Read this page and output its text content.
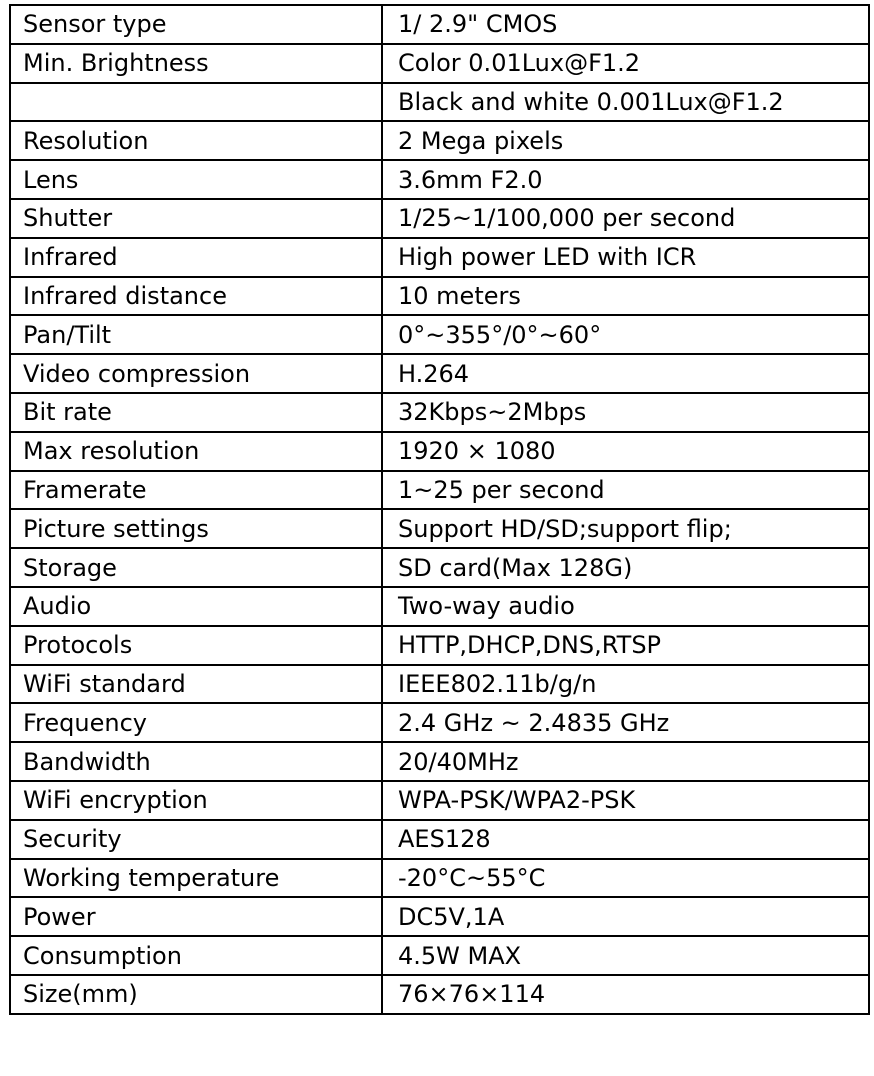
Sensor type	1/ 2.9" CMOS
Min. Brightness	Color 0.01Lux@F1.2
	Black and white 0.001Lux@F1.2
Resolution	2 Mega pixels
Lens	3.6mm F2.0
Shutter	1/25~1/100,000 per second
Infrared	High power LED with ICR
Infrared distance	10 meters
Pan/Tilt	0°~355°/0°~60°
Video compression	H.264
Bit rate	32Kbps~2Mbps
Max resolution	1920 × 1080
Framerate	1~25 per second
Picture settings	Support HD/SD;support flip;
Storage	SD card(Max 128G)
Audio	Two-way audio
Protocols	HTTP,DHCP,DNS,RTSP
WiFi standard	IEEE802.11b/g/n
Frequency	2.4 GHz ~ 2.4835 GHz
Bandwidth	20/40MHz
WiFi encryption	WPA-PSK/WPA2-PSK
Security	AES128
Working temperature	-20°C~55°C
Power	DC5V,1A
Consumption	4.5W MAX
Size(mm)	76×76×114
